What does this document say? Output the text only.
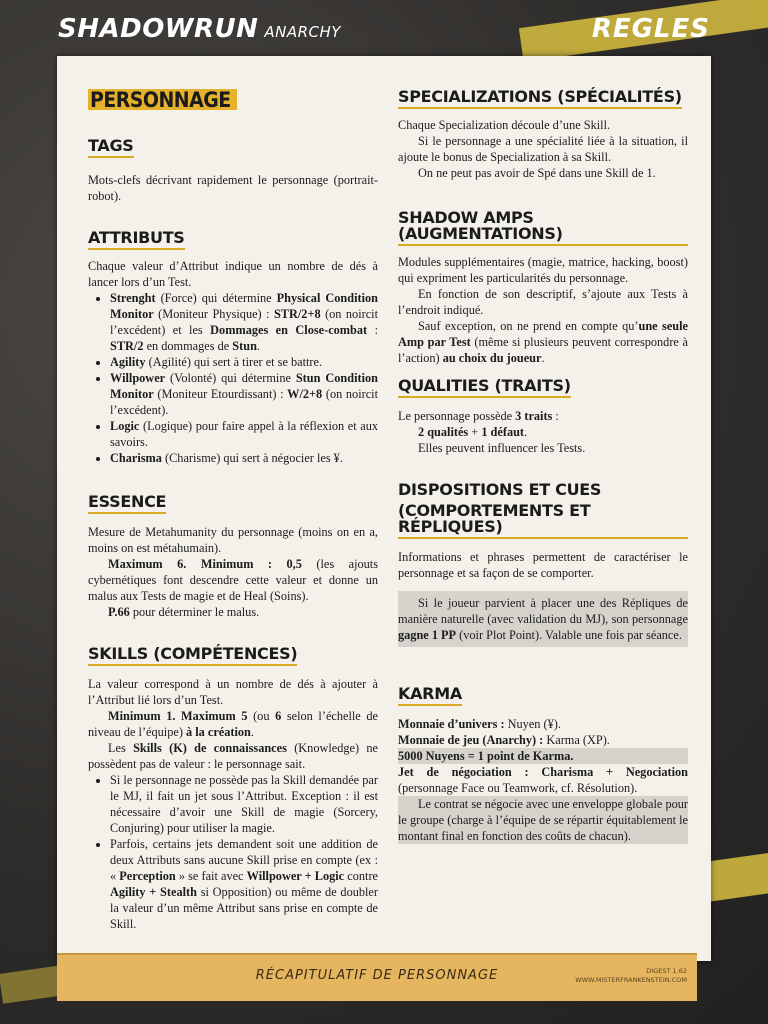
SHADOWRUN ANARCHY	REGLES
PERSONNAGE
TAGS

Mots-clefs décrivant rapidement le personnage (portrait-robot).

ATTRIBUTS

Chaque valeur d’Attribut indique un nombre de dés à lancer lors d’un Test.

• Strenght (Force) qui détermine Physical Condition Monitor (Moniteur Physique) : STR/2+8 (on noircit l’excédent) et les Dommages en Close-combat : STR/2 en dommages de Stun.
• Agility (Agilité) qui sert à tirer et se battre.
• Willpower (Volonté) qui détermine Stun Condition Monitor (Moniteur Etourdissant) : W/2+8 (on noircit l’excédent).
• Logic (Logique) pour faire appel à la réflexion et aux savoirs.
• Charisma (Charisme) qui sert à négocier les ¥.
ESSENCE

Mesure de Metahumanity du personnage (moins on en a, moins on est métahumain).

Maximum 6. Minimum : 0,5 (les ajouts cybernétiques font descendre cette valeur et donne un malus aux Tests de magie et de Heal (Soins).

P.66 pour déterminer le malus.

SKILLS (COMPÉTENCES)

La valeur correspond à un nombre de dés à ajouter à l’Attribut lié lors d’un Test.

Minimum 1. Maximum 5 (ou 6 selon l’échelle de niveau de l’équipe) à la création.

Les Skills (K) de connaissances (Knowledge) ne possèdent pas de valeur : le personnage sait.

• Si le personnage ne possède pas la Skill demandée par le MJ, il fait un jet sous l’Attribut. Exception : il est nécessaire d’avoir une Skill de magie (Sorcery, Conjuring) pour utiliser la magie.
• Parfois, certains jets demandent soit une addition de deux Attributs sans aucune Skill prise en compte (ex : « Perception » se fait avec Willpower + Logic contre Agility + Stealth si Opposition) ou même de doubler la valeur d’un même Attribut sans prise en compte de Skill.
SPECIALIZATIONS (SPÉCIALITÉS)

Chaque Specialization découle d’une Skill.

Si le personnage a une spécialité liée à la situation, il ajoute le bonus de Specialization à sa Skill.

On ne peut pas avoir de Spé dans une Skill de 1.

SHADOW AMPS (AUGMENTATIONS)

Modules supplémentaires (magie, matrice, hacking, boost) qui expriment les particularités du personnage.

En fonction de son descriptif, s’ajoute aux Tests à l’endroit indiqué.

Sauf exception, on ne prend en compte qu’une seule Amp par Test (même si plusieurs peuvent correspondre à l’action) au choix du joueur.

QUALITIES (TRAITS)

Le personnage possède 3 traits :

2 qualités + 1 défaut.

Elles peuvent influencer les Tests.

DISPOSITIONS ET CUES
(COMPORTEMENTS ET RÉPLIQUES)

Informations et phrases permettent de caractériser le personnage et sa façon de se comporter.

Si le joueur parvient à placer une des Répliques de manière naturelle (avec validation du MJ), son personnage gagne 1 PP (voir Plot Point). Valable une fois par séance.

KARMA

Monnaie d’univers : Nuyen (¥).

Monnaie de jeu (Anarchy) : Karma (XP).

5000 Nuyens = 1 point de Karma.

Jet de négociation : Charisma + Negociation (personnage Face ou Teamwork, cf. Résolution).

Le contrat se négocie avec une enveloppe globale pour le groupe (charge à l’équipe de se répartir équitablement le montant final en fonction des coûts de chacun).

RÉCAPITULATIF DE PERSONNAGE	DIGEST 1.62
WWW.MISTERFRANKENSTEIN.COM
